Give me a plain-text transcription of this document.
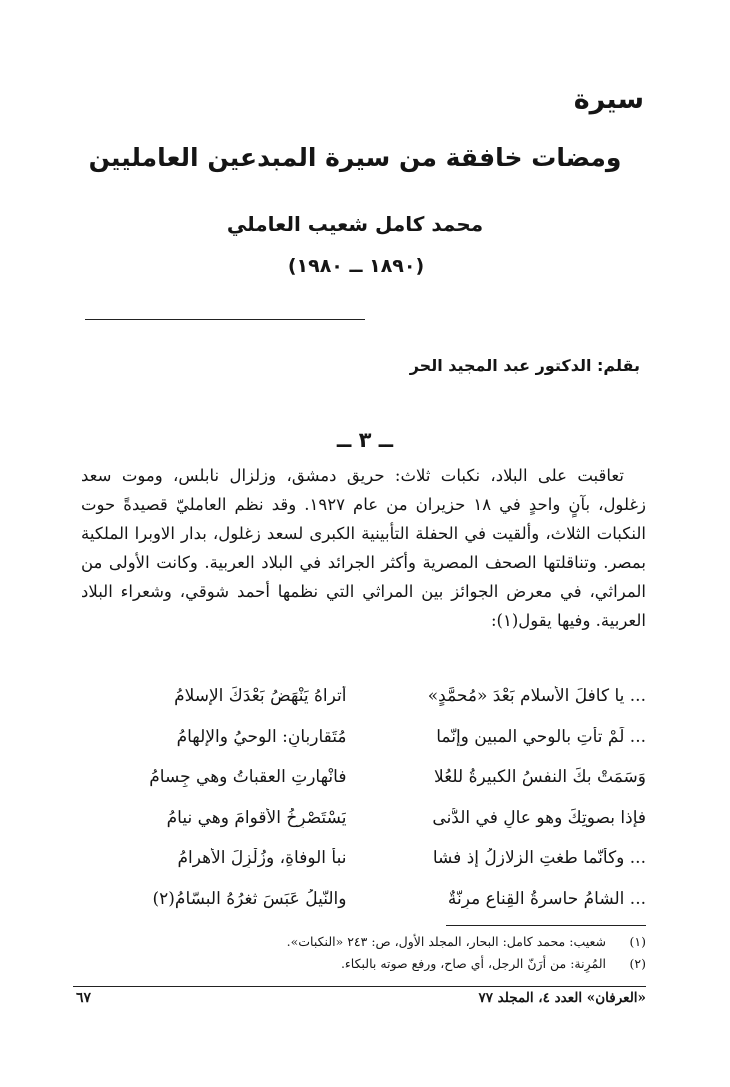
سيرة
ومضات خافقة من سيرة المبدعين العامليين
محمد كامل شعيب العاملي
(١٨٩٠ ــ ١٩٨٠)
بقلم: الدكتور عبد المجيد الحر
ــ ٣ ــ

تعاقبت على البلاد، نكبات ثلاث: حريق دمشق، وزلزال نابلس، وموت سعد زغلول، بآنٍ واحدٍ في ١٨ حزيران من عام ١٩٢٧. وقد نظم العامليّ قصيدةً حوت النكبات الثلاث، وألقيت في الحفلة التأبينية الكبرى لسعد زغلول، بدار الاوبرا الملكية بمصر. وتناقلتها الصحف المصرية وأكثر الجرائد في البلاد العربية. وكانت الأولى من المراثي، في معرض الجوائز بين المراثي التي نظمها أحمد شوقي، وشعراء البلاد العربية. وفيها يقول(١):

... يا كافلَ الأسلامِ بَعْدَ «مُحمَّدٍ»
أتراهُ يَنْهَضُ بَعْدَكَ الإسلامُ
... لَمْ تأتِ بالوحي المبينِ وإنّما
مُتَقاربانِ: الوحيُ والإلهامُ
وَسَمَتْ بكَ النفسُ الكبيرةُ للعُلا
فانْهارتِ العقباتُ وهي جِسامُ
فإذا بصوتِكَ وهو عالٍ في الدُّنى
يَسْتَصْرِخُ الأقوامَ وهي نيامُ
... وكأنّما طغتِ الزلازلُ إذ فشا
نبأُ الوفاةِ، وزُلْزِلَ الأهرامُ
... الشامُ حاسرةُ القِناعِ مرِنّةٌ
والنّيلُ عَبَسَ ثغرُهُ البسّامُ(٢)
(١)
شعيب: محمد كامل: البحار، المجلد الأول، ص: ٢٤٣ «النكبات».
(٢)
المُرِنة: من أرَنّ الرجل، أي صاح، ورفع صوته بالبكاء.
«العرفان» العدد ٤، المجلد ٧٧
٦٧
